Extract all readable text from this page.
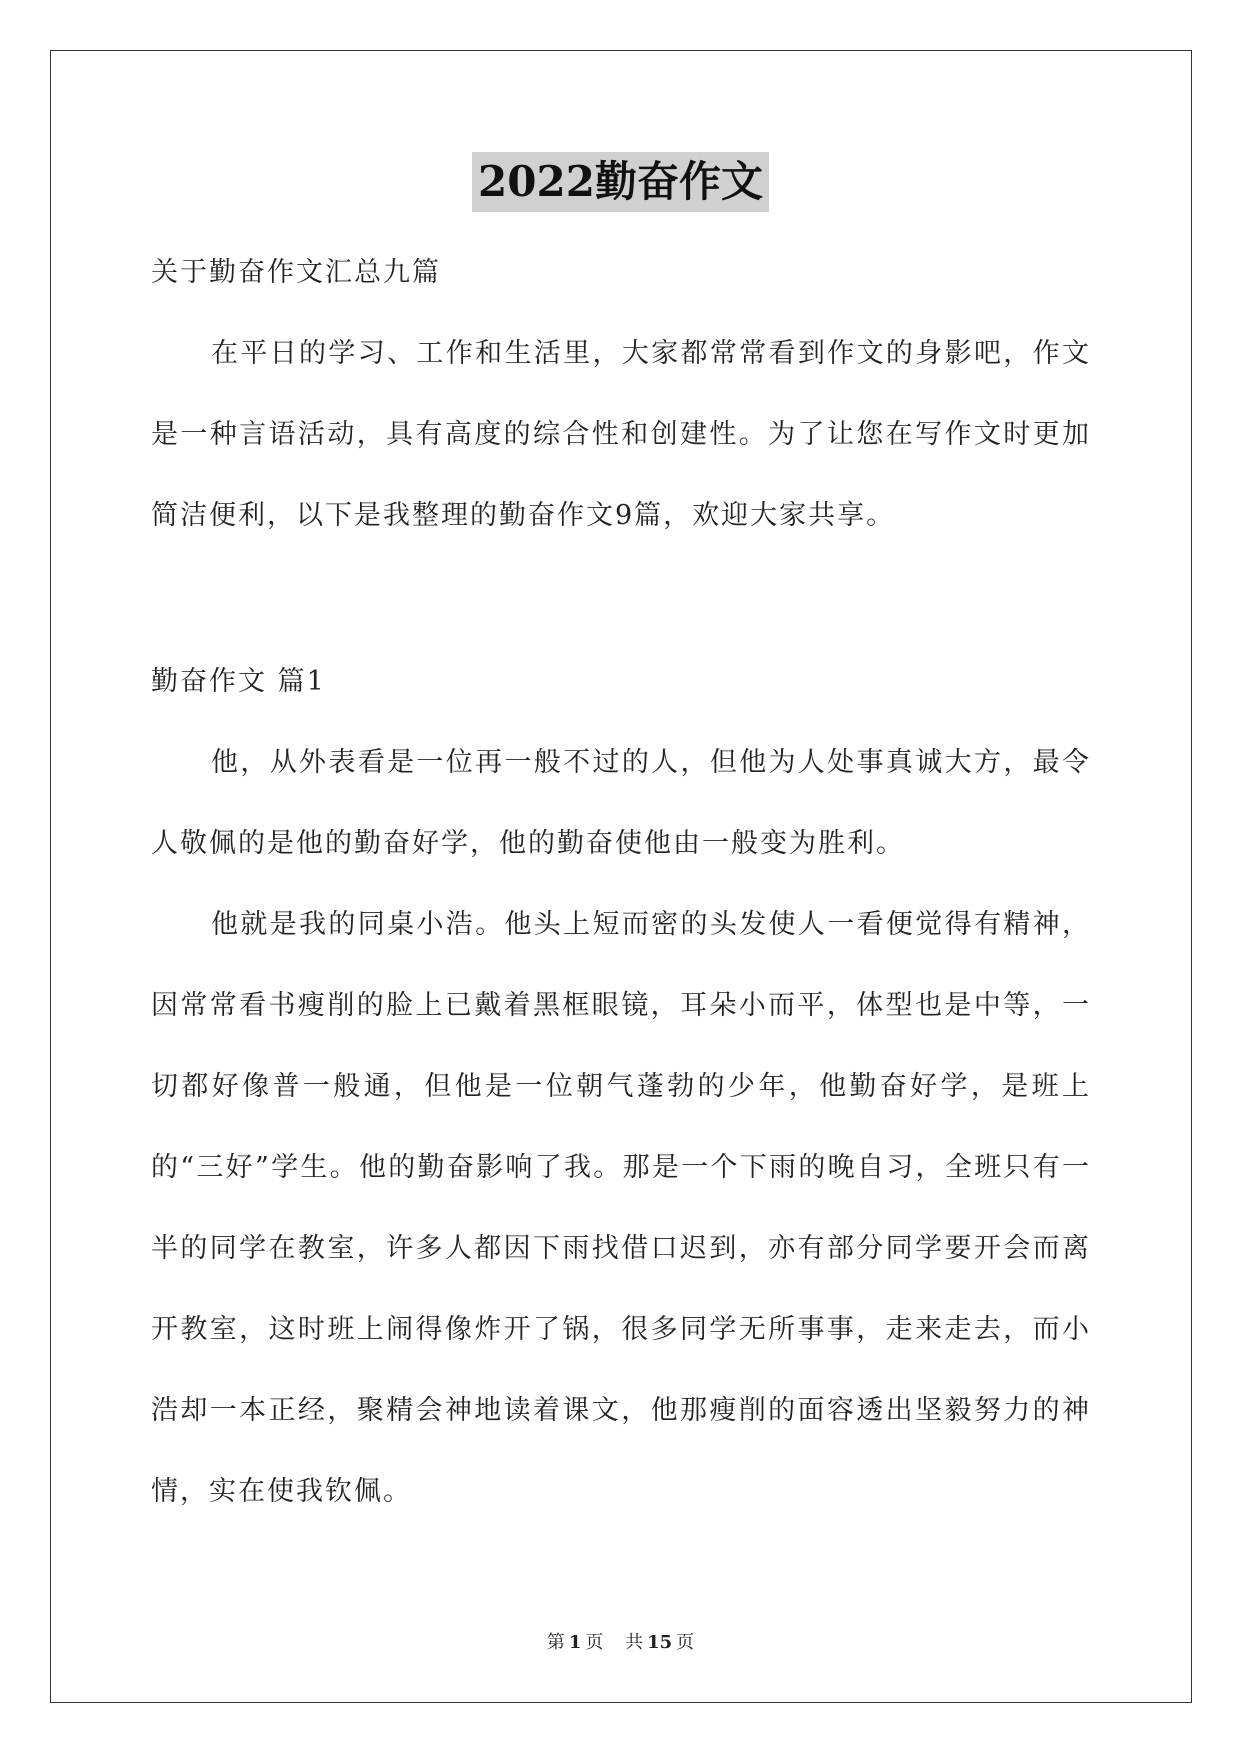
2022勤奋作文

关于勤奋作文汇总九篇

在平日的学习、工作和生活里，大家都常常看到作文的身影吧，作文是一种言语活动，具有高度的综合性和创建性。为了让您在写作文时更加简洁便利，以下是我整理的勤奋作文9篇，欢迎大家共享。

勤奋作文 篇1

他，从外表看是一位再一般不过的人，但他为人处事真诚大方，最令人敬佩的是他的勤奋好学，他的勤奋使他由一般变为胜利。

他就是我的同桌小浩。他头上短而密的头发使人一看便觉得有精神，因常常看书瘦削的脸上已戴着黑框眼镜，耳朵小而平，体型也是中等，一切都好像普一般通，但他是一位朝气蓬勃的少年，他勤奋好学，是班上的“三好”学生。他的勤奋影响了我。那是一个下雨的晚自习，全班只有一半的同学在教室，许多人都因下雨找借口迟到，亦有部分同学要开会而离开教室，这时班上闹得像炸开了锅，很多同学无所事事，走来走去，而小浩却一本正经，聚精会神地读着课文，他那瘦削的面容透出坚毅努力的神情，实在使我钦佩。

第 1 页 共 15 页
